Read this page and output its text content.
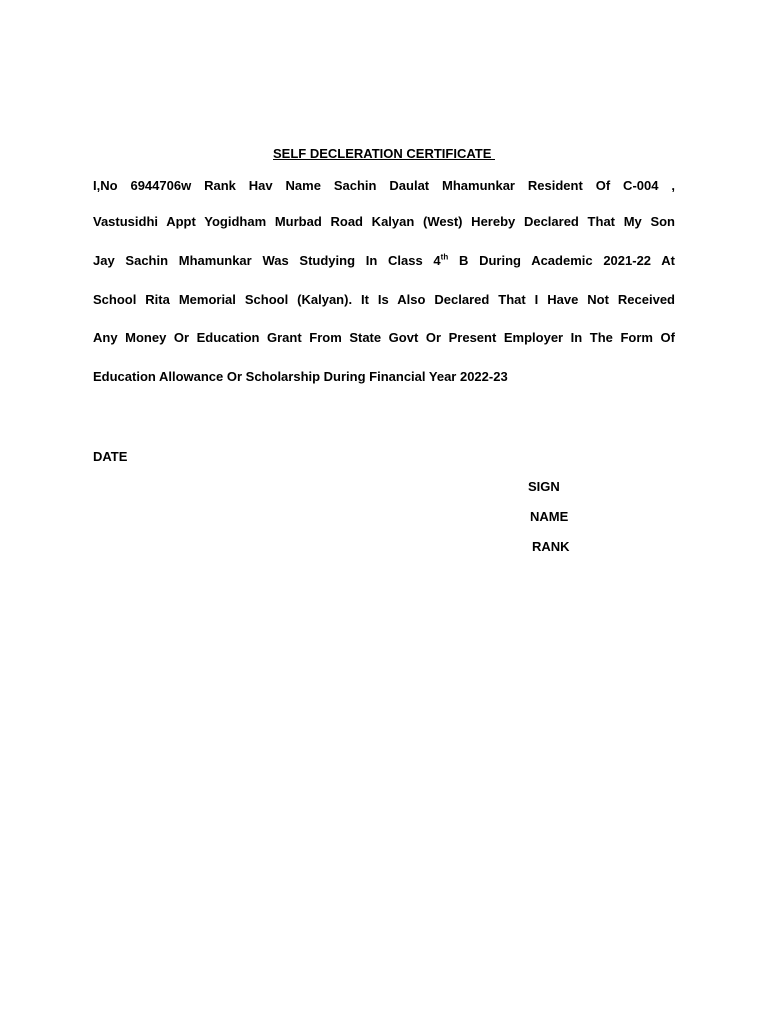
SELF DECLERATION CERTIFICATE
I,No 6944706w Rank Hav Name Sachin Daulat Mhamunkar Resident Of C-004 ,
Vastusidhi Appt Yogidham Murbad Road Kalyan (West) Hereby Declared That My Son
Jay Sachin Mhamunkar Was Studying In Class 4th B During Academic 2021-22 At
School Rita Memorial School (Kalyan). It Is Also Declared That I Have Not Received
Any Money Or Education Grant From State Govt Or Present Employer In The Form Of
Education Allowance Or Scholarship During Financial Year 2022-23
DATE
SIGN
NAME
RANK
